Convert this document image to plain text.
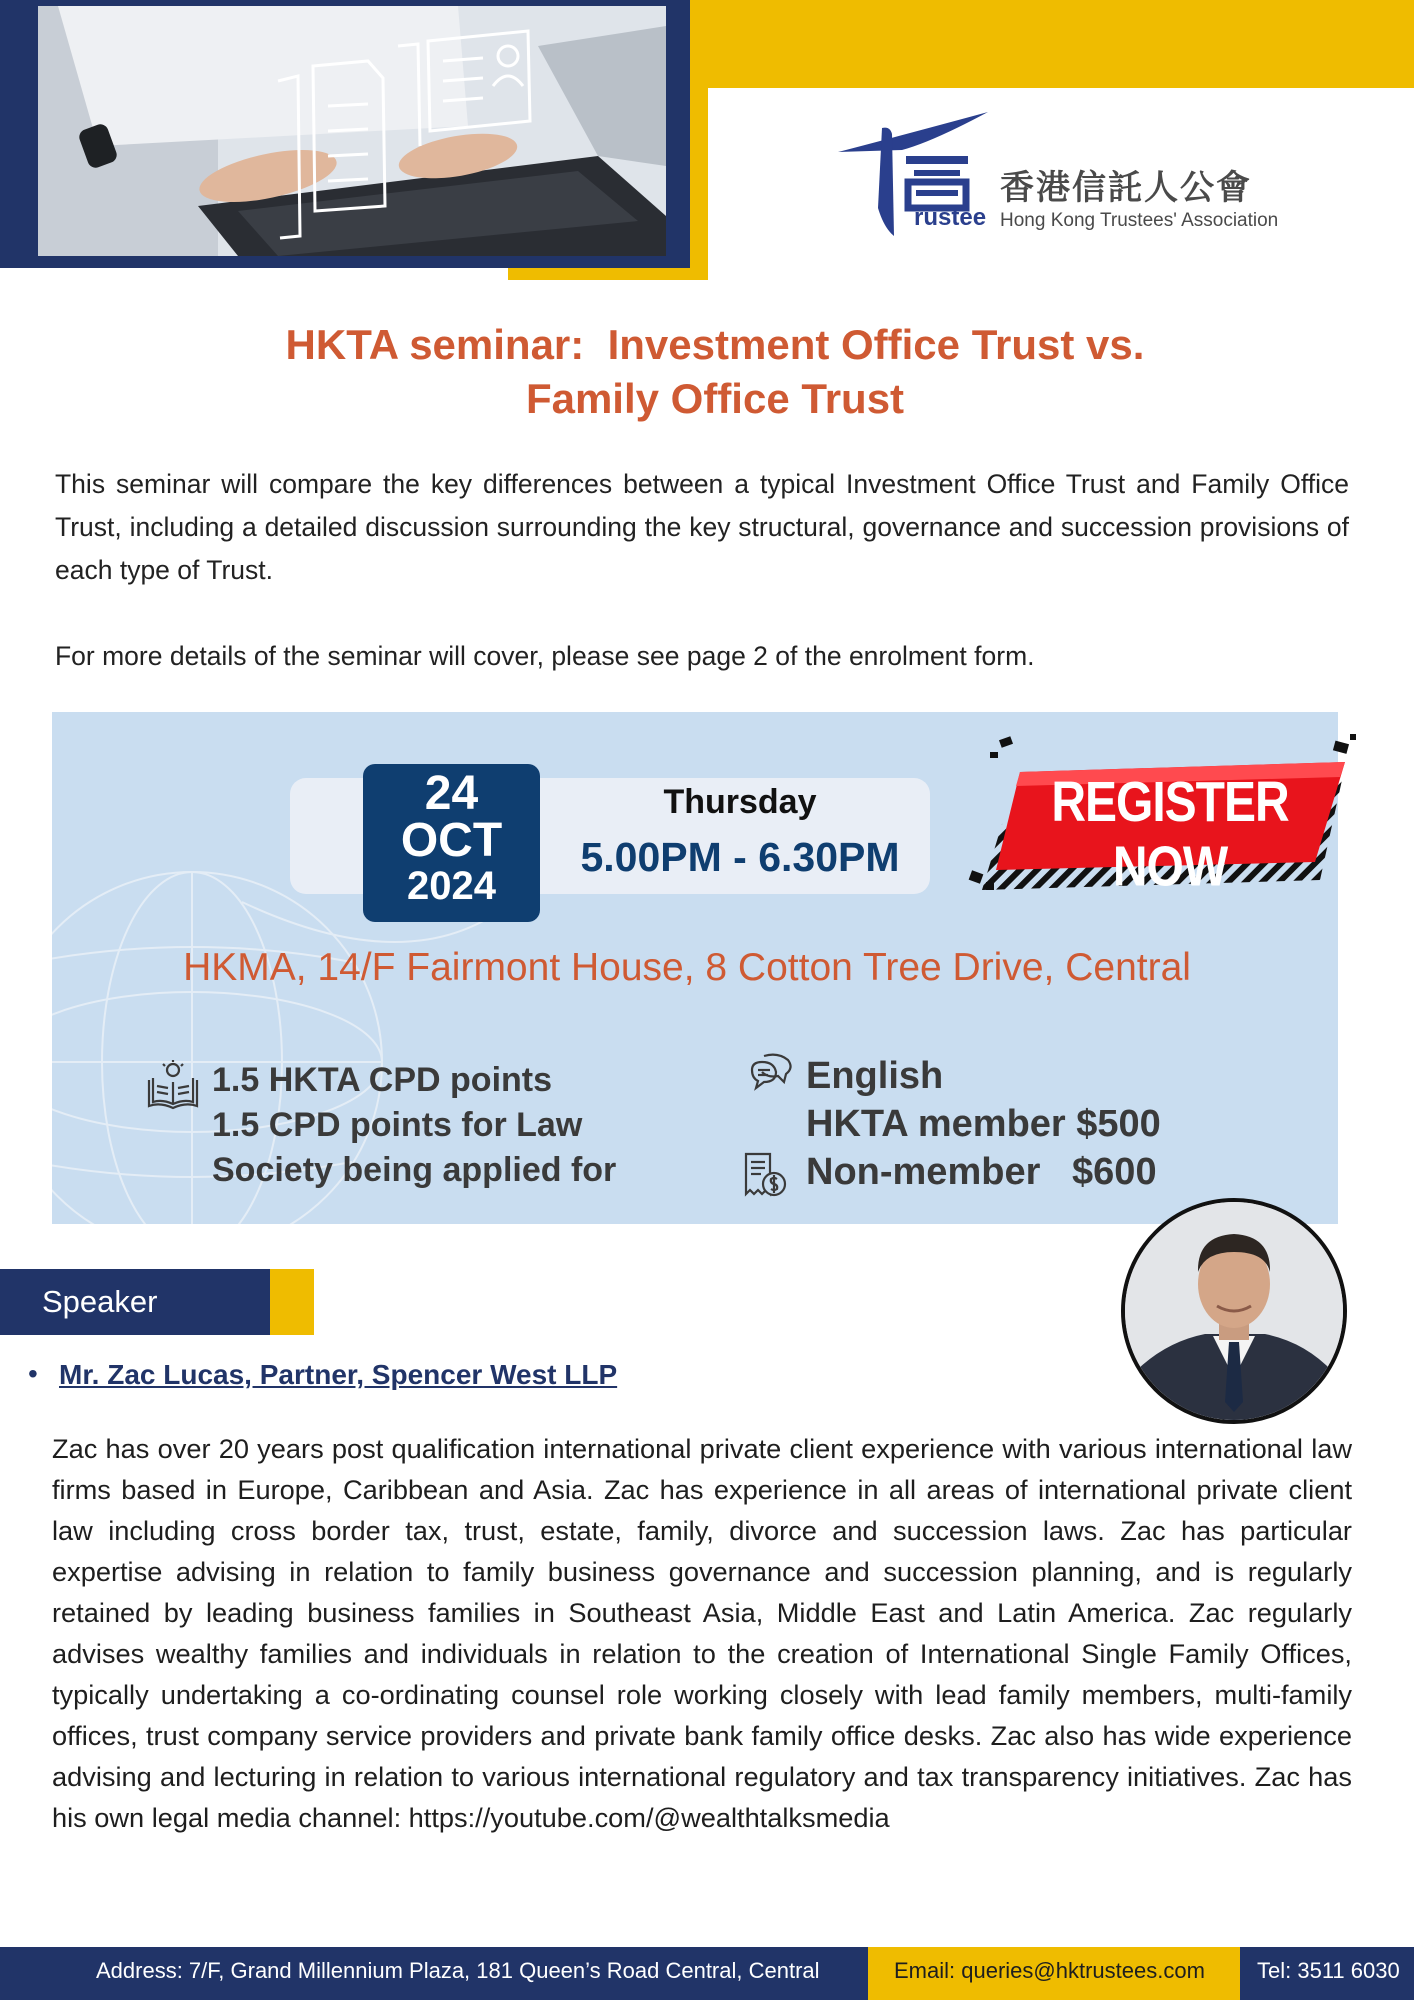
rustee
香港信託人公會
Hong Kong Trustees' Association
HKTA seminar:  Investment Office Trust vs.
Family Office Trust

This seminar will compare the key differences between a typical Investment Office Trust and Family Office Trust, including a detailed discussion surrounding the key structural, governance and succession provisions of each type of Trust.

For more details of the seminar will cover, please see page 2 of the enrolment form.

24
OCT
2024
Thursday
5.00PM - 6.30PM
REGISTER NOW
HKMA, 14/F Fairmont House, 8 Cotton Tree Drive, Central
1.5 HKTA CPD points
1.5 CPD points for Law
Society being applied for
English
HKTA member $500
Non-member   $600
Speaker
• Mr. Zac Lucas, Partner, Spencer West LLP

Zac has over 20 years post qualification international private client experience with various international law firms based in Europe, Caribbean and Asia. Zac has experience in all areas of international private client law including cross border tax, trust, estate, family, divorce and succession laws. Zac has particular expertise advising in relation to family business governance and succession planning, and is regularly retained by leading business families in Southeast Asia, Middle East and Latin America. Zac regularly advises wealthy families and individuals in relation to the creation of International Single Family Offices, typically undertaking a co-ordinating counsel role working closely with lead family members, multi-family offices, trust company service providers and private bank family office desks. Zac also has wide experience advising and lecturing in relation to various international regulatory and tax transparency initiatives. Zac has his own legal media channel: https://youtube.com/@wealthtalksmedia

Address: 7/F, Grand Millennium Plaza, 181 Queen’s Road Central, Central	Email: queries@hktrustees.com Tel: 3511 6030
